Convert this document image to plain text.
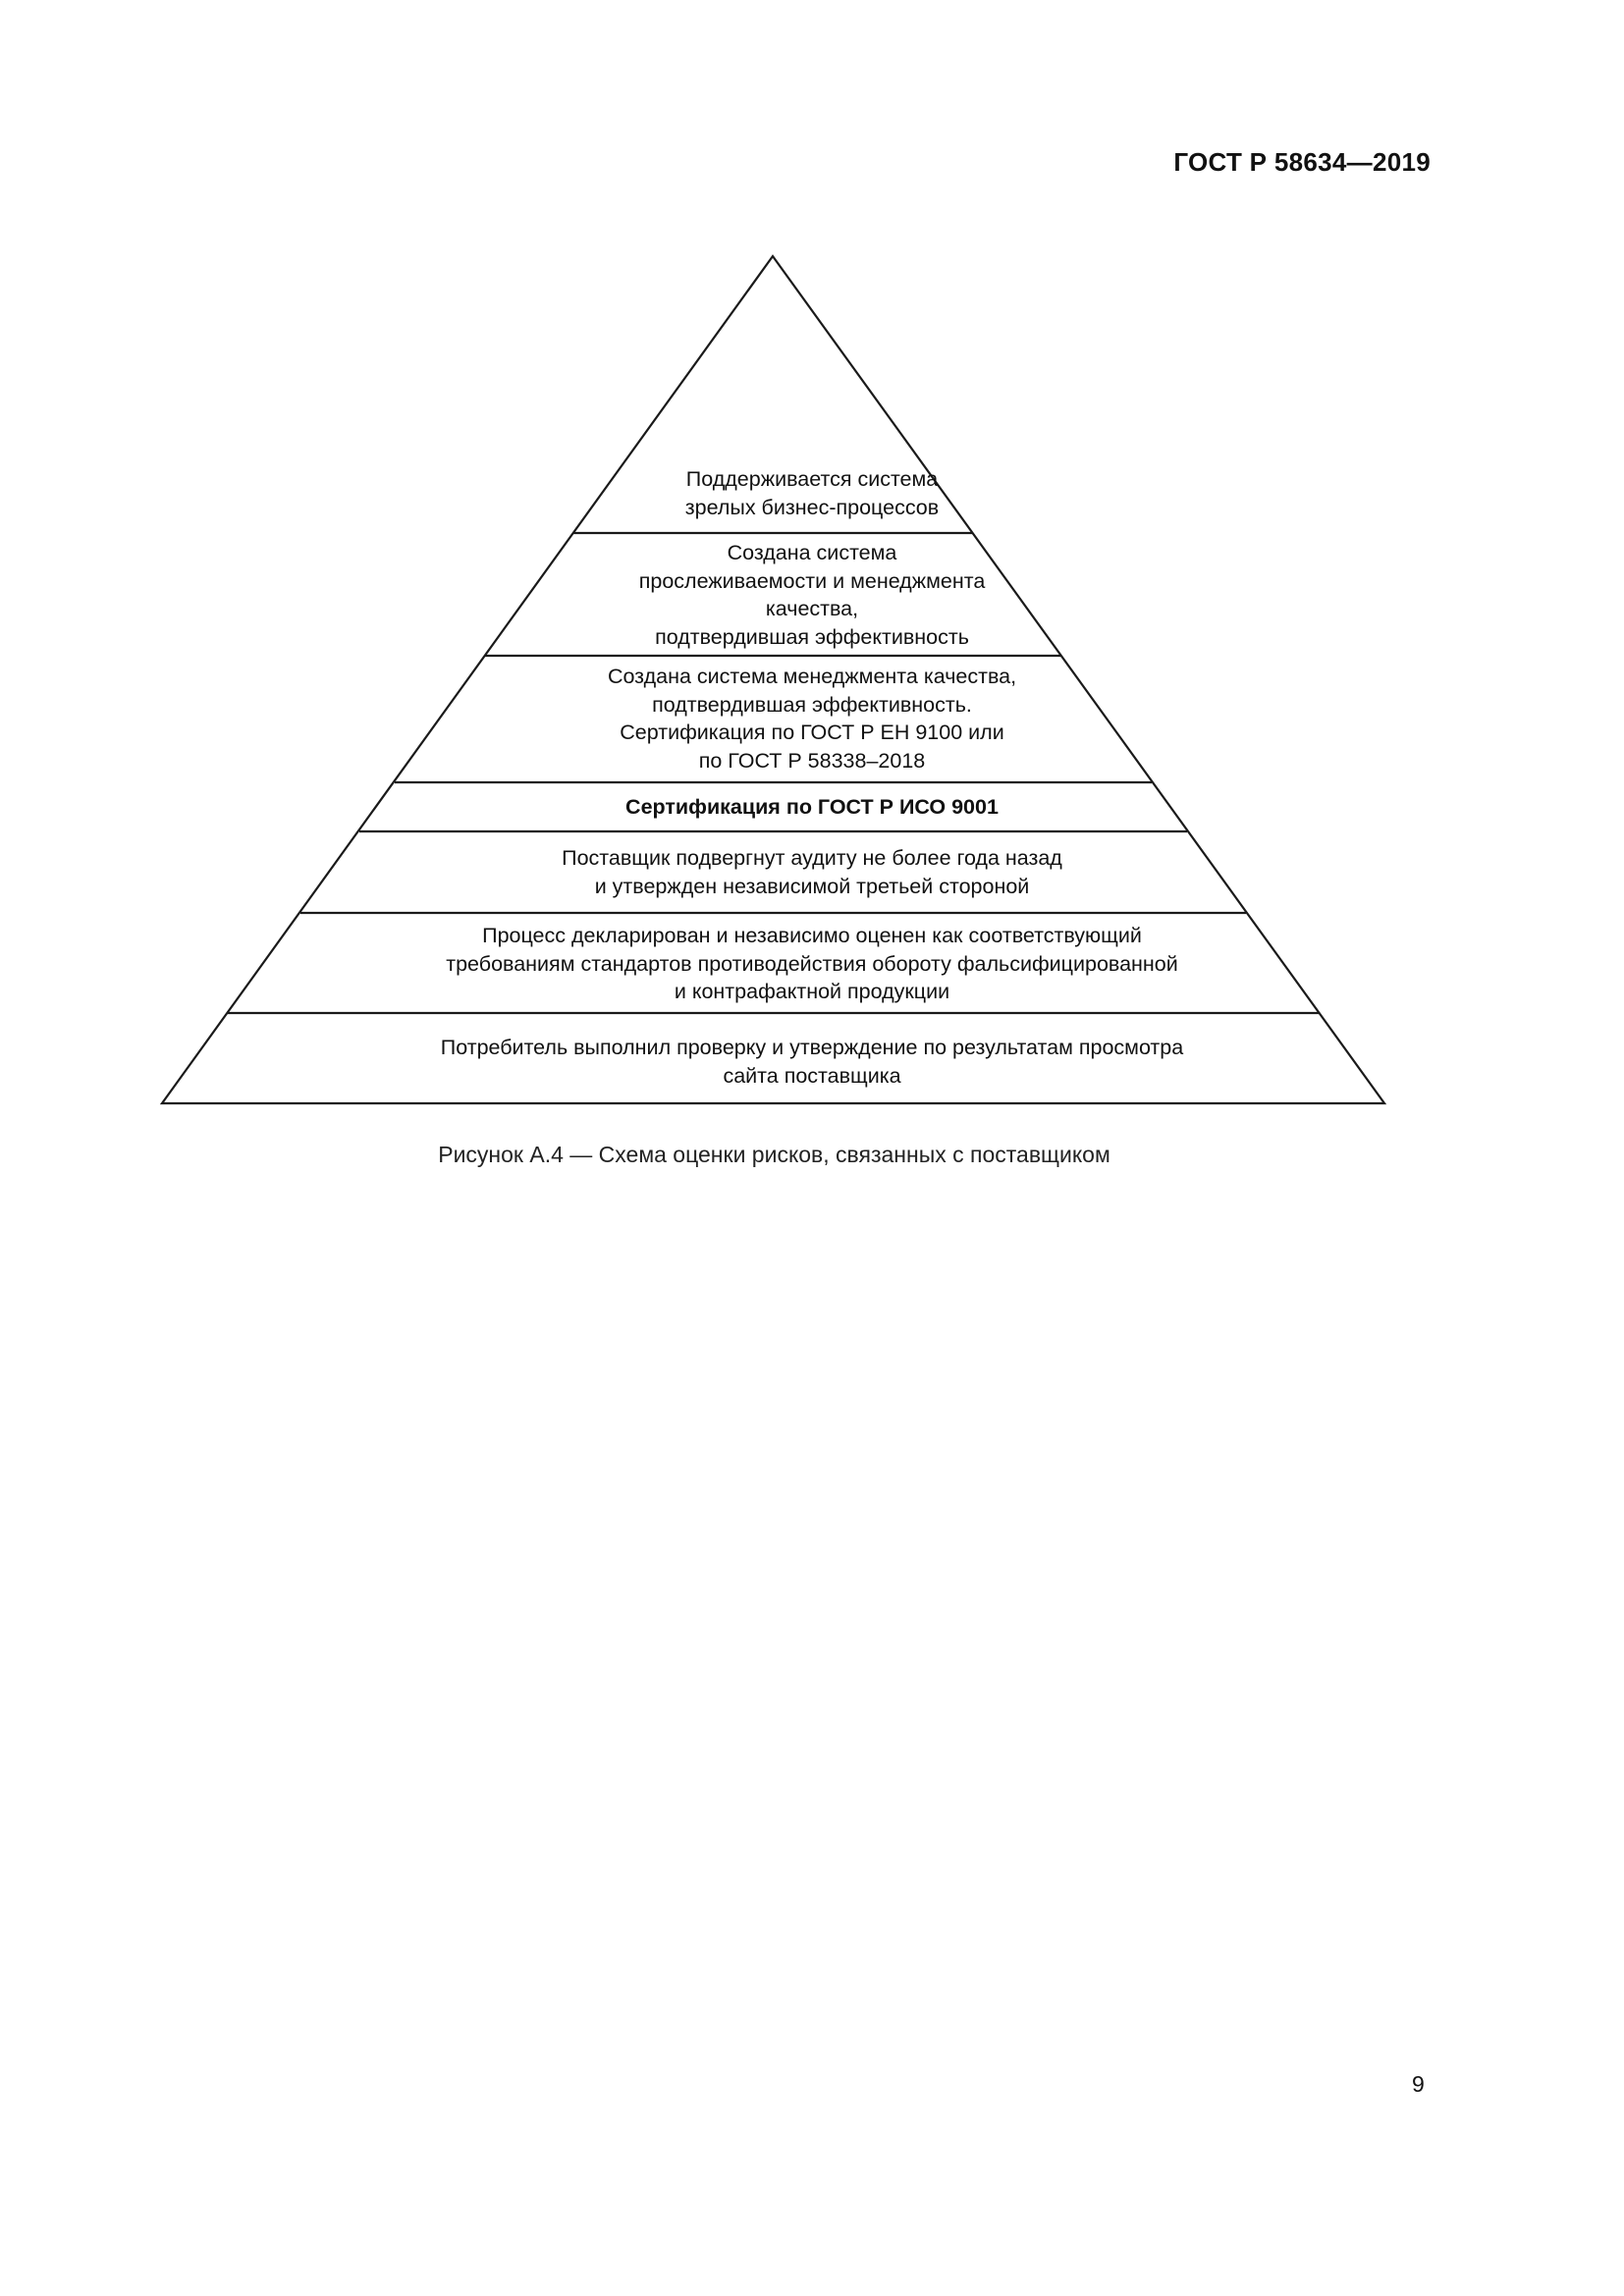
ГОСТ Р 58634—2019
Поддерживается система
зрелых бизнес-процессов
Создана система
прослеживаемости и менеджмента
качества,
подтвердившая эффективность
Создана система менеджмента качества,
подтвердившая эффективность.
Сертификация по ГОСТ Р ЕН 9100 или
по ГОСТ Р 58338–2018
Сертификация по ГОСТ Р ИСО 9001
Поставщик подвергнут аудиту не более года назад
и утвержден независимой третьей стороной
Процесс декларирован и независимо оценен как соответствующий
требованиям стандартов противодействия обороту фальсифицированной
и контрафактной продукции
Потребитель выполнил проверку и утверждение по результатам просмотра
сайта поставщика
Рисунок А.4 — Схема оценки рисков, связанных с поставщиком
9
